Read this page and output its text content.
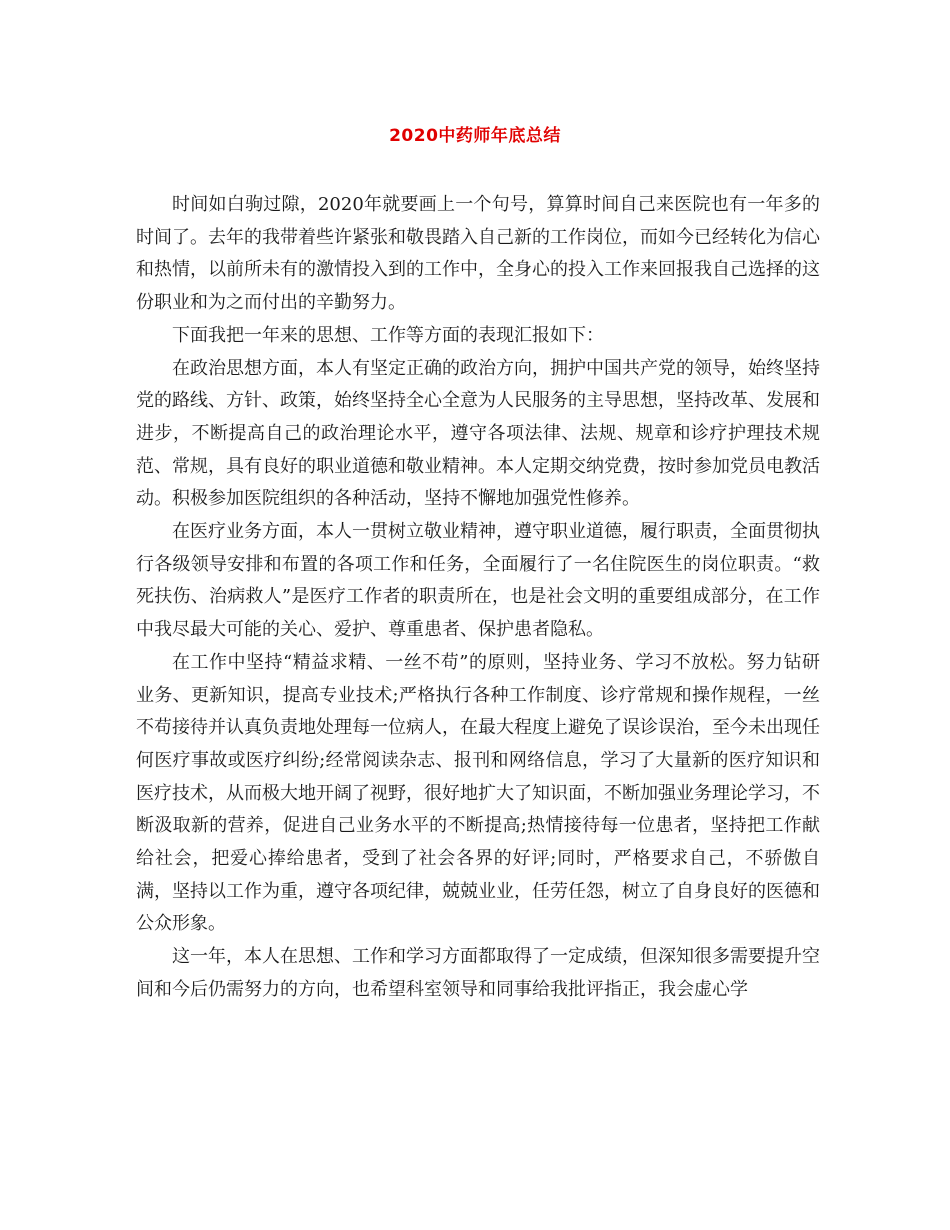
2020中药师年底总结

时间如白驹过隙，2020年就要画上一个句号，算算时间自己来医院也有一年多的时间了。去年的我带着些许紧张和敬畏踏入自己新的工作岗位，而如今已经转化为信心和热情，以前所未有的激情投入到的工作中，全身心的投入工作来回报我自己选择的这份职业和为之而付出的辛勤努力。

下面我把一年来的思想、工作等方面的表现汇报如下：

在政治思想方面，本人有坚定正确的政治方向，拥护中国共产党的领导，始终坚持党的路线、方针、政策，始终坚持全心全意为人民服务的主导思想，坚持改革、发展和进步，不断提高自己的政治理论水平，遵守各项法律、法规、规章和诊疗护理技术规范、常规，具有良好的职业道德和敬业精神。本人定期交纳党费，按时参加党员电教活动。积极参加医院组织的各种活动，坚持不懈地加强党性修养。

在医疗业务方面，本人一贯树立敬业精神，遵守职业道德，履行职责，全面贯彻执行各级领导安排和布置的各项工作和任务，全面履行了一名住院医生的岗位职责。“救死扶伤、治病救人”是医疗工作者的职责所在，也是社会文明的重要组成部分，在工作中我尽最大可能的关心、爱护、尊重患者、保护患者隐私。

在工作中坚持“精益求精、一丝不苟”的原则，坚持业务、学习不放松。努力钻研业务、更新知识，提高专业技术;严格执行各种工作制度、诊疗常规和操作规程，一丝不苟接待并认真负责地处理每一位病人，在最大程度上避免了误诊误治，至今未出现任何医疗事故或医疗纠纷;经常阅读杂志、报刊和网络信息，学习了大量新的医疗知识和医疗技术，从而极大地开阔了视野，很好地扩大了知识面，不断加强业务理论学习，不断汲取新的营养，促进自己业务水平的不断提高;热情接待每一位患者，坚持把工作献给社会，把爱心捧给患者，受到了社会各界的好评;同时，严格要求自己，不骄傲自满，坚持以工作为重，遵守各项纪律，兢兢业业，任劳任怨，树立了自身良好的医德和公众形象。

这一年，本人在思想、工作和学习方面都取得了一定成绩，但深知很多需要提升空间和今后仍需努力的方向，也希望科室领导和同事给我批评指正，我会虚心学
